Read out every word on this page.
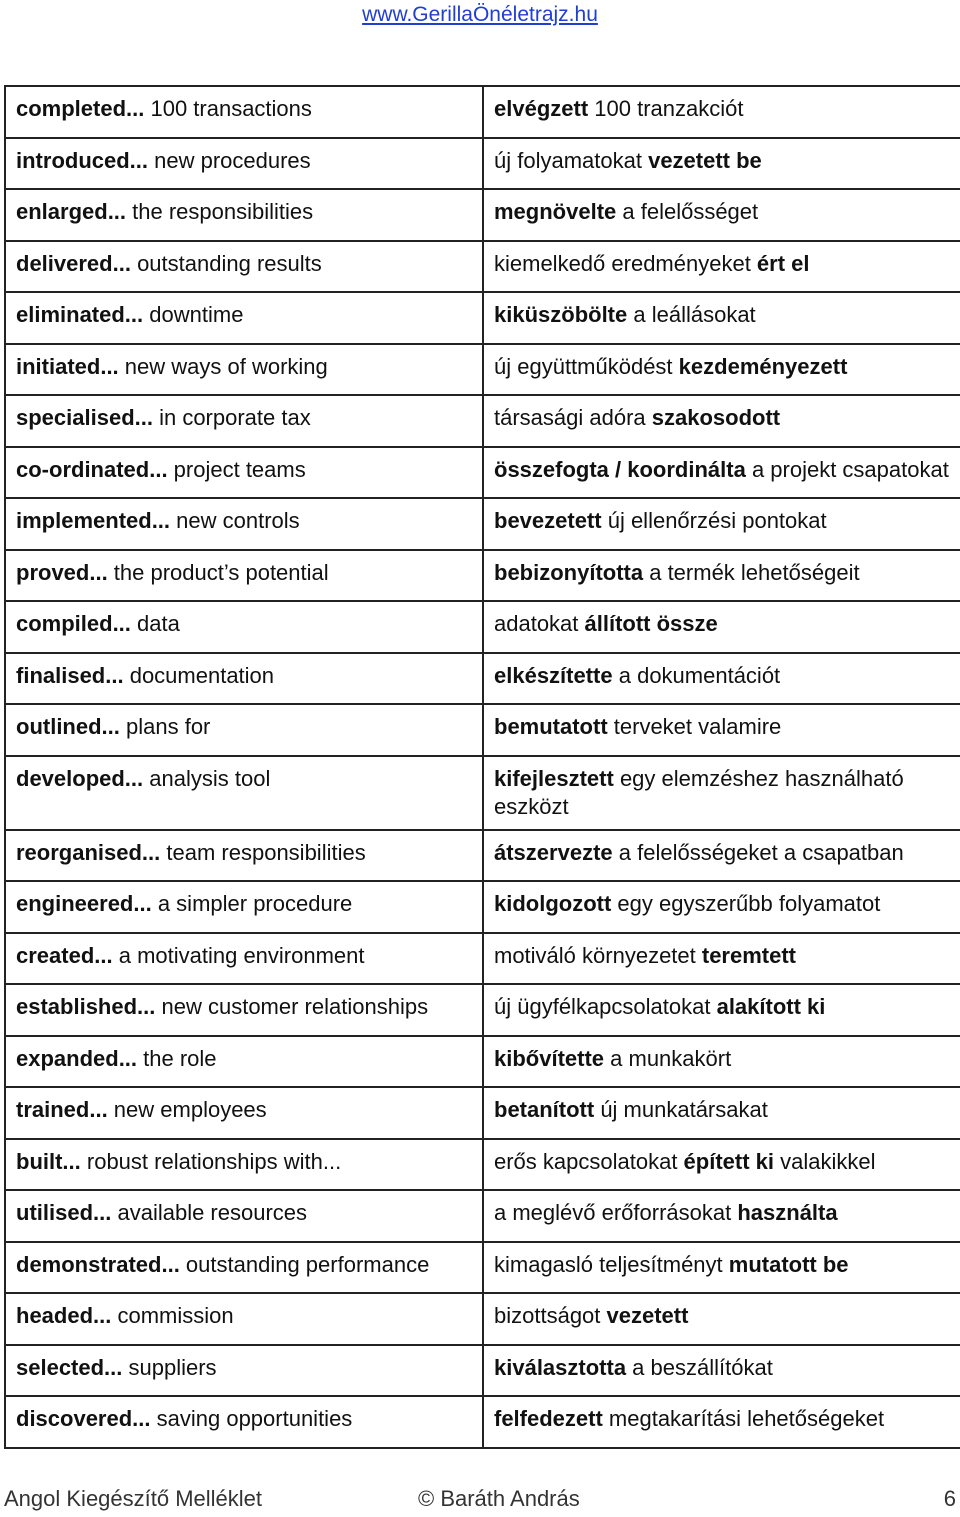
www.GerillaÖnéletrajz.hu
completed... 100 transactions	elvégzett 100 tranzakciót
introduced... new procedures	új folyamatokat vezetett be
enlarged... the responsibilities	megnövelte a felelősséget
delivered... outstanding results	kiemelkedő eredményeket ért el
eliminated... downtime	kiküszöbölte a leállásokat
initiated... new ways of working	új együttműködést kezdeményezett
specialised... in corporate tax	társasági adóra szakosodott
co-ordinated... project teams	összefogta / koordinálta a projekt csapatokat
implemented... new controls	bevezetett új ellenőrzési pontokat
proved... the product’s potential	bebizonyította a termék lehetőségeit
compiled... data	adatokat állított össze
finalised... documentation	elkészítette a dokumentációt
outlined... plans for	bemutatott terveket valamire
developed... analysis tool	kifejlesztett egy elemzéshez használható eszközt
reorganised... team responsibilities	átszervezte a felelősségeket a csapatban
engineered... a simpler procedure	kidolgozott egy egyszerűbb folyamatot
created... a motivating environment	motiváló környezetet teremtett
established... new customer relationships	új ügyfélkapcsolatokat alakított ki
expanded... the role	kibővítette a munkakört
trained... new employees	betanított új munkatársakat
built... robust relationships with...	erős kapcsolatokat épített ki valakikkel
utilised... available resources	a meglévő erőforrásokat használta
demonstrated... outstanding performance	kimagasló teljesítményt mutatott be
headed... commission	bizottságot vezetett
selected... suppliers	kiválasztotta a beszállítókat
discovered... saving opportunities	felfedezett megtakarítási lehetőségeket
Angol Kiegészítő Melléklet	© Baráth András	6
